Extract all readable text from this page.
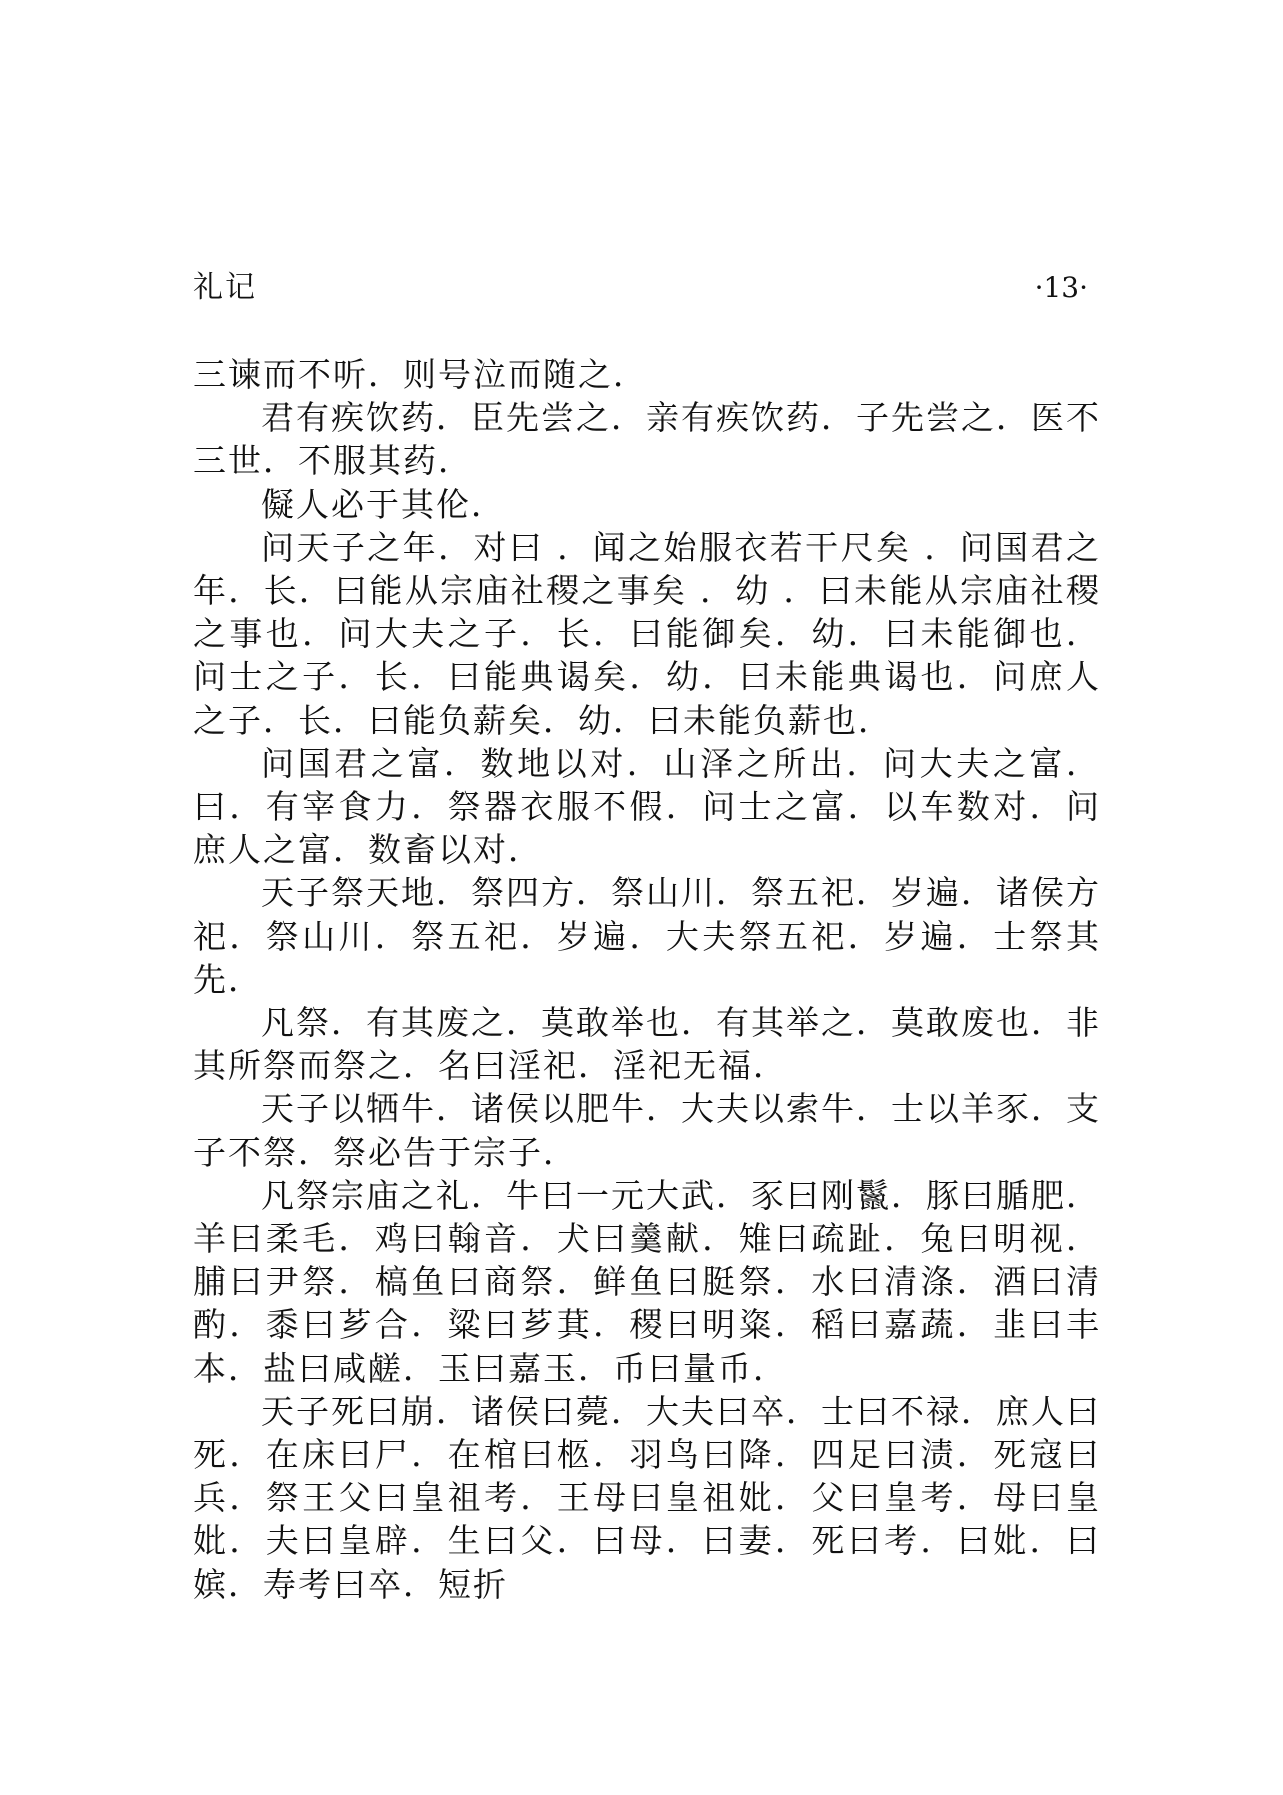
礼记	·13·

三谏而不听．则号泣而随之．

君有疾饮药．臣先尝之．亲有疾饮药．子先尝之．医不三世．不服其药．

儗人必于其伦．

问天子之年．对曰 ．闻之始服衣若干尺矣 ．问国君之年．长．曰能从宗庙社稷之事矣 ．幼 ．曰未能从宗庙社稷之事也．问大夫之子．长．曰能御矣．幼．曰未能御也．问士之子．长．曰能典谒矣．幼．曰未能典谒也．问庶人之子．长．曰能负薪矣．幼．曰未能负薪也．

问国君之富．数地以对．山泽之所出．问大夫之富．曰．有宰食力．祭器衣服不假．问士之富．以车数对．问庶人之富．数畜以对．

天子祭天地．祭四方．祭山川．祭五祀．岁遍．诸侯方祀．祭山川．祭五祀．岁遍．大夫祭五祀．岁遍．士祭其先．

凡祭．有其废之．莫敢举也．有其举之．莫敢废也．非其所祭而祭之．名曰淫祀．淫祀无福．

天子以牺牛．诸侯以肥牛．大夫以索牛．士以羊豕．支子不祭．祭必告于宗子．

凡祭宗庙之礼．牛曰一元大武．豕曰刚鬣．豚曰腯肥．羊曰柔毛．鸡曰翰音．犬曰羹献．雉曰疏趾．兔曰明视．脯曰尹祭．槁鱼曰商祭．鲜鱼曰脡祭．水曰清涤．酒曰清酌．黍曰芗合．粱曰芗萁．稷曰明粢．稻曰嘉蔬．韭曰丰本．盐曰咸鹾．玉曰嘉玉．币曰量币．

天子死曰崩．诸侯曰薨．大夫曰卒．士曰不禄．庶人曰死．在床曰尸．在棺曰柩．羽鸟曰降．四足曰渍．死寇曰兵．祭王父曰皇祖考．王母曰皇祖妣．父曰皇考．母曰皇妣．夫曰皇辟．生曰父．曰母．曰妻．死曰考．曰妣．曰嫔．寿考曰卒．短折
